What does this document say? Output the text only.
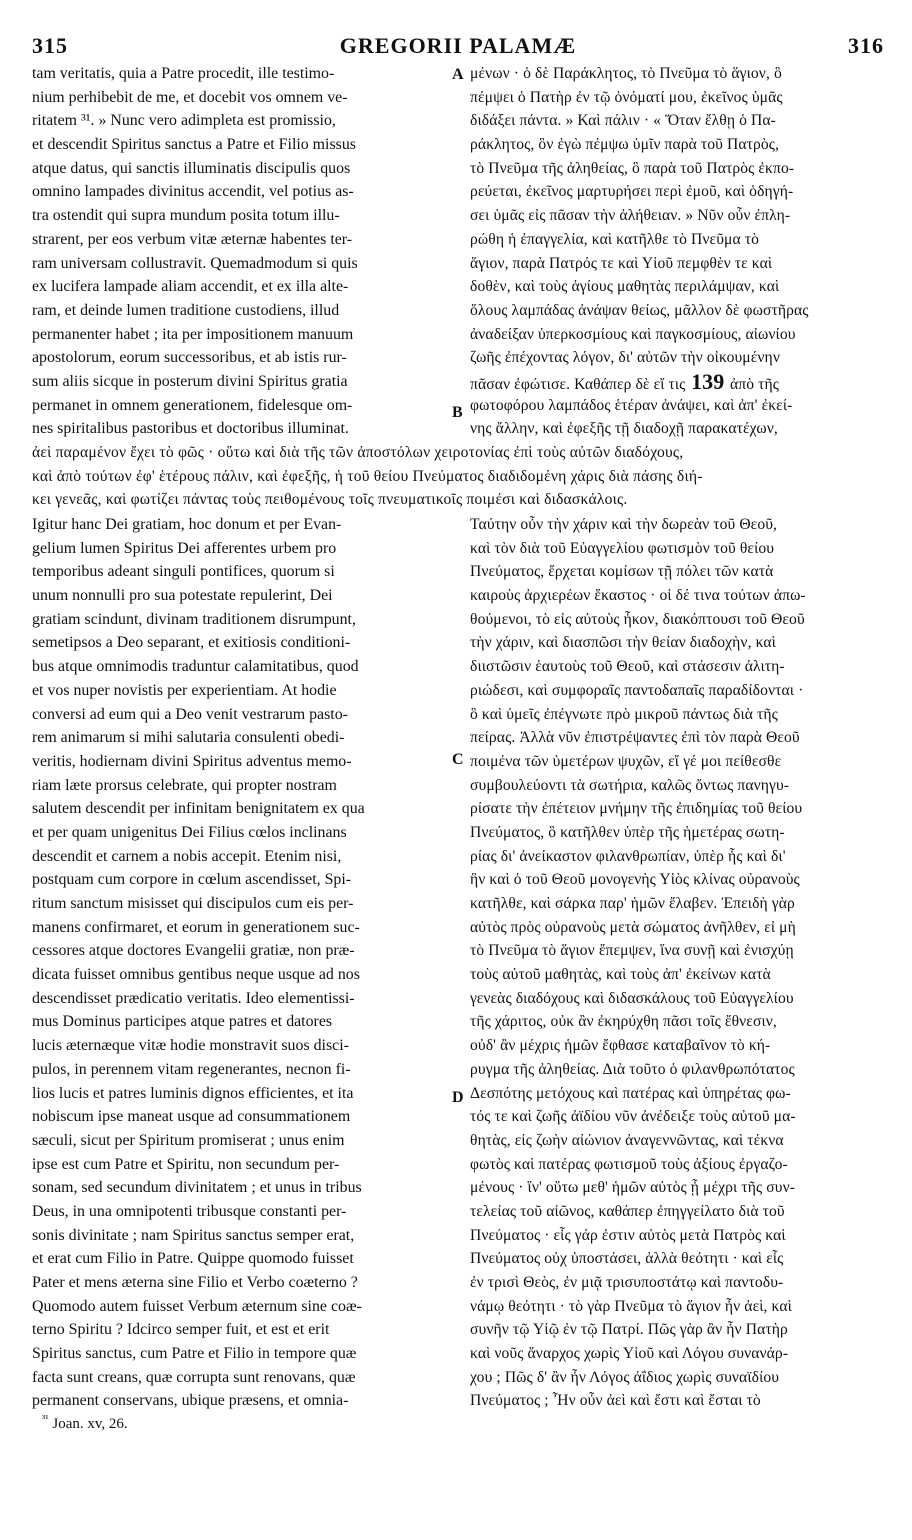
315	GREGORII PALAMÆ	316
tam veritatis, quia a Patre procedit, ille testimo-
nium perhibebit de me, et docebit vos omnem ve-
ritatem ³¹. » Nunc vero adimpleta est promissio,
et descendit Spiritus sanctus a Patre et Filio missus
atque datus, qui sanctis illuminatis discipulis quos
omnino lampades divinitus accendit, vel potius as-
tra ostendit qui supra mundum posita totum illu-
strarent, per eos verbum vitæ æternæ habentes ter-
ram universam collustravit. Quemadmodum si quis
ex lucifera lampade aliam accendit, et ex illa alte-
ram, et deinde lumen traditione custodiens, illud
permanenter habet ; ita per impositionem manuum
apostolorum, eorum successoribus, et ab istis rur-
sum aliis sicque in posterum divini Spiritus gratia
permanet in omnem generationem, fidelesque om-
nes spiritalibus pastoribus et doctoribus illuminat.
μένων · ὁ δὲ Παράκλητος, τὸ Πνεῦμα τὸ ἅγιον, ὃ
πέμψει ὁ Πατὴρ ἐν τῷ ὀνόματί μου, ἐκεῖνος ὑμᾶς
διδάξει πάντα. » Καὶ πάλιν · « Ὅταν ἔλθῃ ὁ Πα-
ράκλητος, ὃν ἐγὼ πέμψω ὑμῖν παρὰ τοῦ Πατρὸς,
τὸ Πνεῦμα τῆς ἀληθείας, ὃ παρὰ τοῦ Πατρὸς ἐκπο-
ρεύεται, ἐκεῖνος μαρτυρήσει περὶ ἐμοῦ, καὶ ὁδηγή-
σει ὑμᾶς εἰς πᾶσαν τὴν ἀλήθειαν. » Νῦν οὖν ἐπλη-
ρώθη ἡ ἐπαγγελία, καὶ κατῆλθε τὸ Πνεῦμα τὸ
ἅγιον, παρὰ Πατρός τε καὶ Υἱοῦ πεμφθὲν τε καὶ
δοθὲν, καὶ τοὺς ἁγίους μαθητὰς περιλάμψαν, καὶ
ὅλους λαμπάδας ἀνάψαν θείως, μᾶλλον δὲ φωστῆρας
ἀναδείξαν ὑπερκοσμίους καὶ παγκοσμίους, αἰωνίου
ζωῆς ἐπέχοντας λόγον, δι' αὐτῶν τὴν οἰκουμένην
πᾶσαν ἐφώτισε. Καθάπερ δὲ εἴ τις 139 ἀπὸ τῆς
φωτοφόρου λαμπάδος ἑτέραν ἀνάψει, καὶ ἀπ' ἐκεί-
νης ἄλλην, καὶ ἐφεξῆς τῇ διαδοχῇ παρακατέχων,
A
B
C
D
ἀεὶ παραμένον ἔχει τὸ φῶς · οὕτω καὶ διὰ τῆς τῶν ἀποστόλων χειροτονίας ἐπὶ τοὺς αὐτῶν διαδόχους,
καὶ ἀπὸ τούτων ἐφ' ἑτέρους πάλιν, καὶ ἐφεξῆς, ἡ τοῦ θείου Πνεύματος διαδιδομένη χάρις διὰ πάσης διή-
κει γενεᾶς, καὶ φωτίζει πάντας τοὺς πειθομένους τοῖς πνευματικοῖς ποιμέσι καὶ διδασκάλοις.
Igitur hanc Dei gratiam, hoc donum et per Evan-
gelium lumen Spiritus Dei afferentes urbem pro
temporibus adeant singuli pontifices, quorum si
unum nonnulli pro sua potestate repulerint, Dei
gratiam scindunt, divinam traditionem disrumpunt,
semetipsos a Deo separant, et exitiosis conditioni-
bus atque omnimodis traduntur calamitatibus, quod
et vos nuper novistis per experientiam. At hodie
conversi ad eum qui a Deo venit vestrarum pasto-
rem animarum si mihi salutaria consulenti obedi-
veritis, hodiernam divini Spiritus adventus memo-
riam læte prorsus celebrate, qui propter nostram
salutem descendit per infinitam benignitatem ex qua
et per quam unigenitus Dei Filius cœlos inclinans
descendit et carnem a nobis accepit. Etenim nisi,
postquam cum corpore in cœlum ascendisset, Spi-
ritum sanctum misisset qui discipulos cum eis per-
manens confirmaret, et eorum in generationem suc-
cessores atque doctores Evangelii gratiæ, non præ-
dicata fuisset omnibus gentibus neque usque ad nos
descendisset prædicatio veritatis. Ideo elementissi-
mus Dominus participes atque patres et datores
lucis æternæque vitæ hodie monstravit suos disci-
pulos, in perennem vitam regenerantes, necnon fi-
lios lucis et patres luminis dignos efficientes, et ita
nobiscum ipse maneat usque ad consummationem
sæculi, sicut per Spiritum promiserat ; unus enim
ipse est cum Patre et Spiritu, non secundum per-
sonam, sed secundum divinitatem ; et unus in tribus
Deus, in una omnipotenti tribusque constanti per-
sonis divinitate ; nam Spiritus sanctus semper erat,
et erat cum Filio in Patre. Quippe quomodo fuisset
Pater et mens æterna sine Filio et Verbo coæterno ?
Quomodo autem fuisset Verbum æternum sine coæ-
terno Spiritu ? Idcirco semper fuit, et est et erit
Spiritus sanctus, cum Patre et Filio in tempore quæ
facta sunt creans, quæ corrupta sunt renovans, quæ
permanent conservans, ubique præsens, et omnia-
Ταύτην οὖν τὴν χάριν καὶ τὴν δωρεὰν τοῦ Θεοῦ,
καὶ τὸν διὰ τοῦ Εὐαγγελίου φωτισμὸν τοῦ θείου
Πνεύματος, ἔρχεται κομίσων τῇ πόλει τῶν κατὰ
καιροὺς ἀρχιερέων ἕκαστος · οἱ δέ τινα τούτων ἀπω-
θούμενοι, τὸ εἰς αὐτοὺς ἧκον, διακόπτουσι τοῦ Θεοῦ
τὴν χάριν, καὶ διασπῶσι τὴν θείαν διαδοχὴν, καὶ
διιστῶσιν ἑαυτοὺς τοῦ Θεοῦ, καὶ στάσεσιν ἀλιτη-
ριώδεσι, καὶ συμφοραῖς παντοδαπαῖς παραδίδονται ·
ὃ καὶ ὑμεῖς ἐπέγνωτε πρὸ μικροῦ πάντως διὰ τῆς
πείρας. Ἀλλὰ νῦν ἐπιστρέψαντες ἐπὶ τὸν παρὰ Θεοῦ
ποιμένα τῶν ὑμετέρων ψυχῶν, εἴ γέ μοι πείθεσθε
συμβουλεύοντι τὰ σωτήρια, καλῶς ὄντως πανηγυ-
ρίσατε τὴν ἐπέτειον μνήμην τῆς ἐπιδημίας τοῦ θείου
Πνεύματος, ὃ κατῆλθεν ὑπὲρ τῆς ἡμετέρας σωτη-
ρίας δι' ἀνείκαστον φιλανθρωπίαν, ὑπὲρ ἧς καὶ δι'
ἣν καὶ ὁ τοῦ Θεοῦ μονογενὴς Υἱὸς κλίνας οὐρανοὺς
κατῆλθε, καὶ σάρκα παρ' ἡμῶν ἔλαβεν. Ἐπειδὴ γὰρ
αὐτὸς πρὸς οὐρανοὺς μετὰ σώματος ἀνῆλθεν, εἰ μὴ
τὸ Πνεῦμα τὸ ἅγιον ἔπεμψεν, ἵνα συνῇ καὶ ἐνισχύῃ
τοὺς αὐτοῦ μαθητὰς, καὶ τοὺς ἀπ' ἐκείνων κατὰ
γενεὰς διαδόχους καὶ διδασκάλους τοῦ Εὐαγγελίου
τῆς χάριτος, οὐκ ἂν ἐκηρύχθη πᾶσι τοῖς ἔθνεσιν,
οὐδ' ἂν μέχρις ἡμῶν ἔφθασε καταβαῖνον τὸ κή-
ρυγμα τῆς ἀληθείας. Διὰ τοῦτο ὁ φιλανθρωπότατος
Δεσπότης μετόχους καὶ πατέρας καὶ ὑπηρέτας φω-
τός τε καὶ ζωῆς ἀϊδίου νῦν ἀνέδειξε τοὺς αὐτοῦ μα-
θητὰς, εἰς ζωὴν αἰώνιον ἀναγεννῶντας, καὶ τέκνα
φωτὸς καὶ πατέρας φωτισμοῦ τοὺς ἀξίους ἐργαζο-
μένους · ἵν' οὕτω μεθ' ἡμῶν αὐτὸς ᾖ μέχρι τῆς συν-
τελείας τοῦ αἰῶνος, καθάπερ ἐπηγγείλατο διὰ τοῦ
Πνεύματος · εἷς γάρ ἐστιν αὐτὸς μετὰ Πατρὸς καὶ
Πνεύματος οὐχ ὑποστάσει, ἀλλὰ θεότητι · καὶ εἷς
ἐν τρισὶ Θεὸς, ἐν μιᾷ τρισυποστάτῳ καὶ παντοδυ-
νάμῳ θεότητι · τὸ γὰρ Πνεῦμα τὸ ἅγιον ἦν ἀεὶ, καὶ
συνῆν τῷ Υἱῷ ἐν τῷ Πατρί. Πῶς γὰρ ἂν ἦν Πατὴρ
καὶ νοῦς ἄναρχος χωρὶς Υἱοῦ καὶ Λόγου συνανάρ-
χου ; Πῶς δ' ἂν ἦν Λόγος ἀΐδιος χωρὶς συναϊδίου
Πνεύματος ; Ἦν οὖν ἀεὶ καὶ ἔστι καὶ ἔσται τὸ
$^{^{31}}$ Joan. xv, 26.
